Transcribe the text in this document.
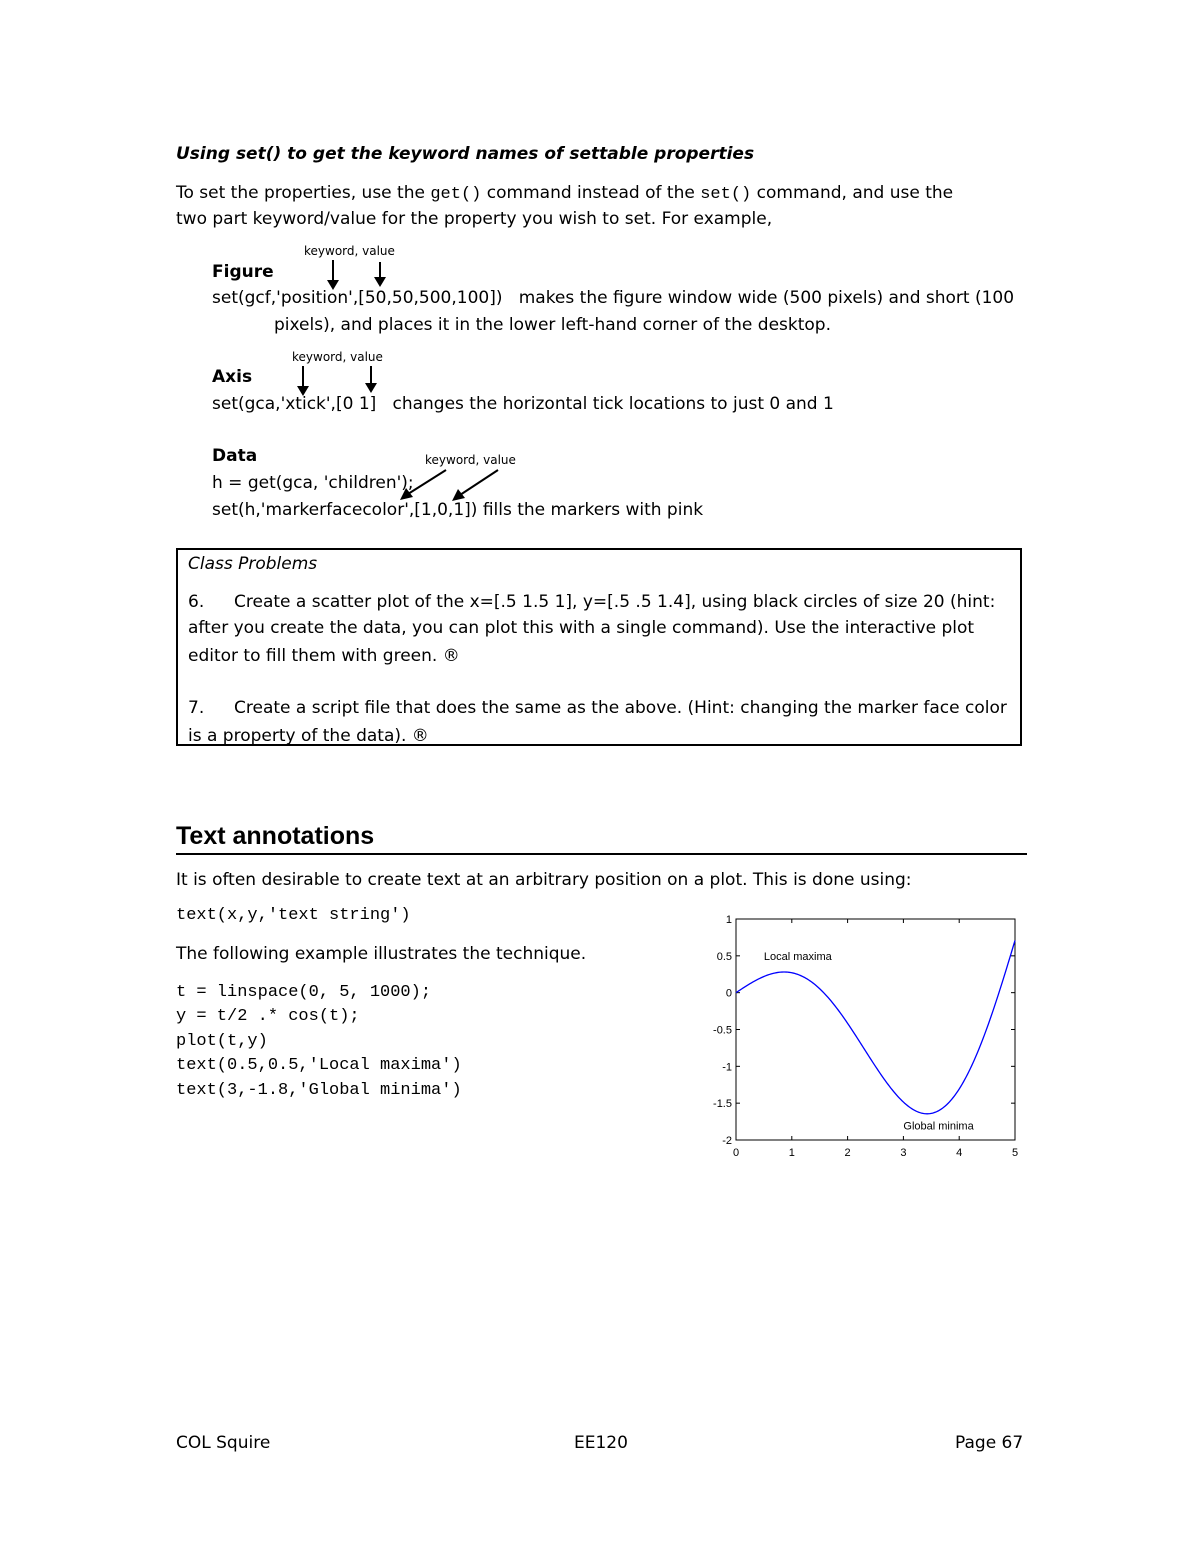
Using set() to get the keyword names of settable properties
To set the properties, use the get() command instead of the set() command, and use the
two part keyword/value for the property you wish to set. For example,
keyword, value
Figure
set(gcf,'position',[50,50,500,100]) makes the figure window wide (500 pixels) and short (100
pixels), and places it in the lower left-hand corner of the desktop.
keyword, value
Axis
set(gca,'xtick',[0 1] changes the horizontal tick locations to just 0 and 1
Data	keyword, value
h = get(gca, 'children');
set(h,'markerfacecolor',[1,0,1]) fills the markers with pink
Class Problems
6. Create a scatter plot of the x=[.5 1.5 1], y=[.5 .5 1.4], using black circles of size 20 (hint:
after you create the data, you can plot this with a single command). Use the interactive plot
editor to fill them with green. ®
7. Create a script file that does the same as the above. (Hint: changing the marker face color
is a property of the data). ®
Text annotations
It is often desirable to create text at an arbitrary position on a plot. This is done using:
text(x,y,'text string')
The following example illustrates the technique.
t = linspace(0, 5, 1000);
y = t/2 .* cos(t);
plot(t,y)
text(0.5,0.5,'Local maxima')
text(3,-1.8,'Global minima')
0	1	2	3	4	5
1
0.5
0
-0.5
-1
-1.5
-2
Local maxima
Global minima
COL Squire	EE120	Page 67
